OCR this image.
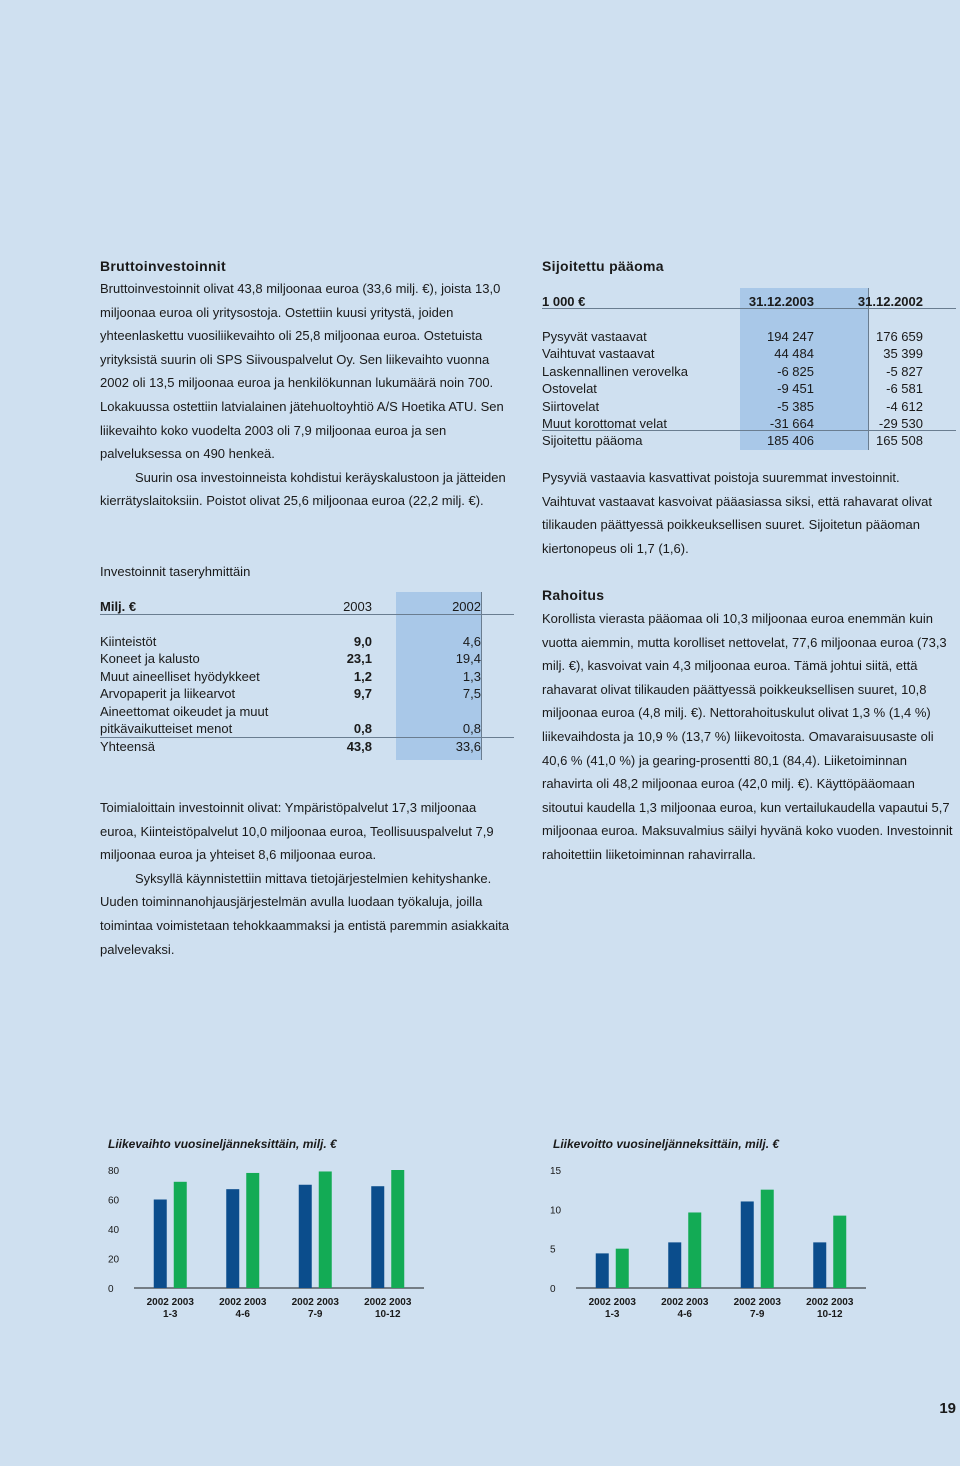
Bruttoinvestoinnit

Bruttoinvestoinnit olivat 43,8 miljoonaa euroa (33,6 milj. €), joista 13,0 miljoonaa euroa oli yritysostoja. Ostettiin kuusi yritystä, joiden yhteenlaskettu vuosiliikevaihto oli 25,8 miljoonaa euroa. Ostetuista yrityksistä suurin oli SPS Siivouspalvelut Oy. Sen liikevaihto vuonna 2002 oli 13,5 miljoonaa euroa ja henkilökunnan lukumäärä noin 700. Lokakuussa ostettiin latvialainen jätehuoltoyhtiö A/S Hoetika ATU. Sen liikevaihto koko vuodelta 2003 oli 7,9 miljoonaa euroa ja sen palveluksessa on 490 henkeä.

Suurin osa investoinneista kohdistui keräyskalustoon ja jätteiden kierrätyslaitoksiin. Poistot olivat 25,6 miljoonaa euroa (22,2 milj. €).

Investoinnit taseryhmittäin
Milj. €	2003	2002
Kiinteistöt	9,0	4,6
Koneet ja kalusto	23,1	19,4
Muut aineelliset hyödykkeet	1,2	1,3
Arvopaperit ja liikearvot	9,7	7,5
Aineettomat oikeudet ja muut
pitkävaikutteiset menot	0,8	0,8
Yhteensä	43,8	33,6

Toimialoittain investoinnit olivat: Ympäristöpalvelut 17,3 miljoonaa euroa, Kiinteistöpalvelut 10,0 miljoonaa euroa, Teollisuuspalvelut 7,9 miljoonaa euroa ja yhteiset 8,6 miljoonaa euroa.

Syksyllä käynnistettiin mittava tietojärjestelmien kehityshanke. Uuden toiminnanohjausjärjestelmän avulla luodaan työkaluja, joilla toimintaa voimistetaan tehokkaammaksi ja entistä paremmin asiakkaita palvelevaksi.

Sijoitettu pääoma
1 000 €	31.12.2003	31.12.2002
Pysyvät vastaavat	194 247	176 659
Vaihtuvat vastaavat	44 484	35 399
Laskennallinen verovelka	-6 825	-5 827
Ostovelat	-9 451	-6 581
Siirtovelat	-5 385	-4 612
Muut korottomat velat	-31 664	-29 530
Sijoitettu pääoma	185 406	165 508

Pysyviä vastaavia kasvattivat poistoja suuremmat investoinnit. Vaihtuvat vastaavat kasvoivat pääasiassa siksi, että rahavarat olivat tilikauden päättyessä poikkeuksellisen suuret. Sijoitetun pääoman kiertonopeus oli 1,7 (1,6).

Rahoitus

Korollista vierasta pääomaa oli 10,3 miljoonaa euroa enemmän kuin vuotta aiemmin, mutta korolliset nettovelat, 77,6 miljoonaa euroa (73,3 milj. €), kasvoivat vain 4,3 miljoonaa euroa. Tämä johtui siitä, että rahavarat olivat tilikauden päättyessä poikkeuksellisen suuret, 10,8 miljoonaa euroa (4,8 milj. €). Nettorahoituskulut olivat 1,3 % (1,4 %) liikevaihdosta ja 10,9 % (13,7 %) liikevoitosta. Omavaraisuusaste oli 40,6 % (41,0 %) ja gearing-prosentti 80,1 (84,4). Liiketoiminnan rahavirta oli 48,2 miljoonaa euroa (42,0 milj. €). Käyttöpääomaan sitoutui kaudella 1,3 miljoonaa euroa, kun vertailukaudella vapautui 5,7 miljoonaa euroa. Maksuvalmius säilyi hyvänä koko vuoden. Investoinnit rahoitettiin liiketoiminnan rahavirralla.

Liikevaihto vuosineljänneksittäin, milj. €
0
20
40
60
80
2002 2003
1-3
2002 2003
4-6
2002 2003
7-9
2002 2003
10-12
Liikevoitto vuosineljänneksittäin, milj. €
0
5
10
15
2002 2003
1-3
2002 2003
4-6
2002 2003
7-9
2002 2003
10-12
19
